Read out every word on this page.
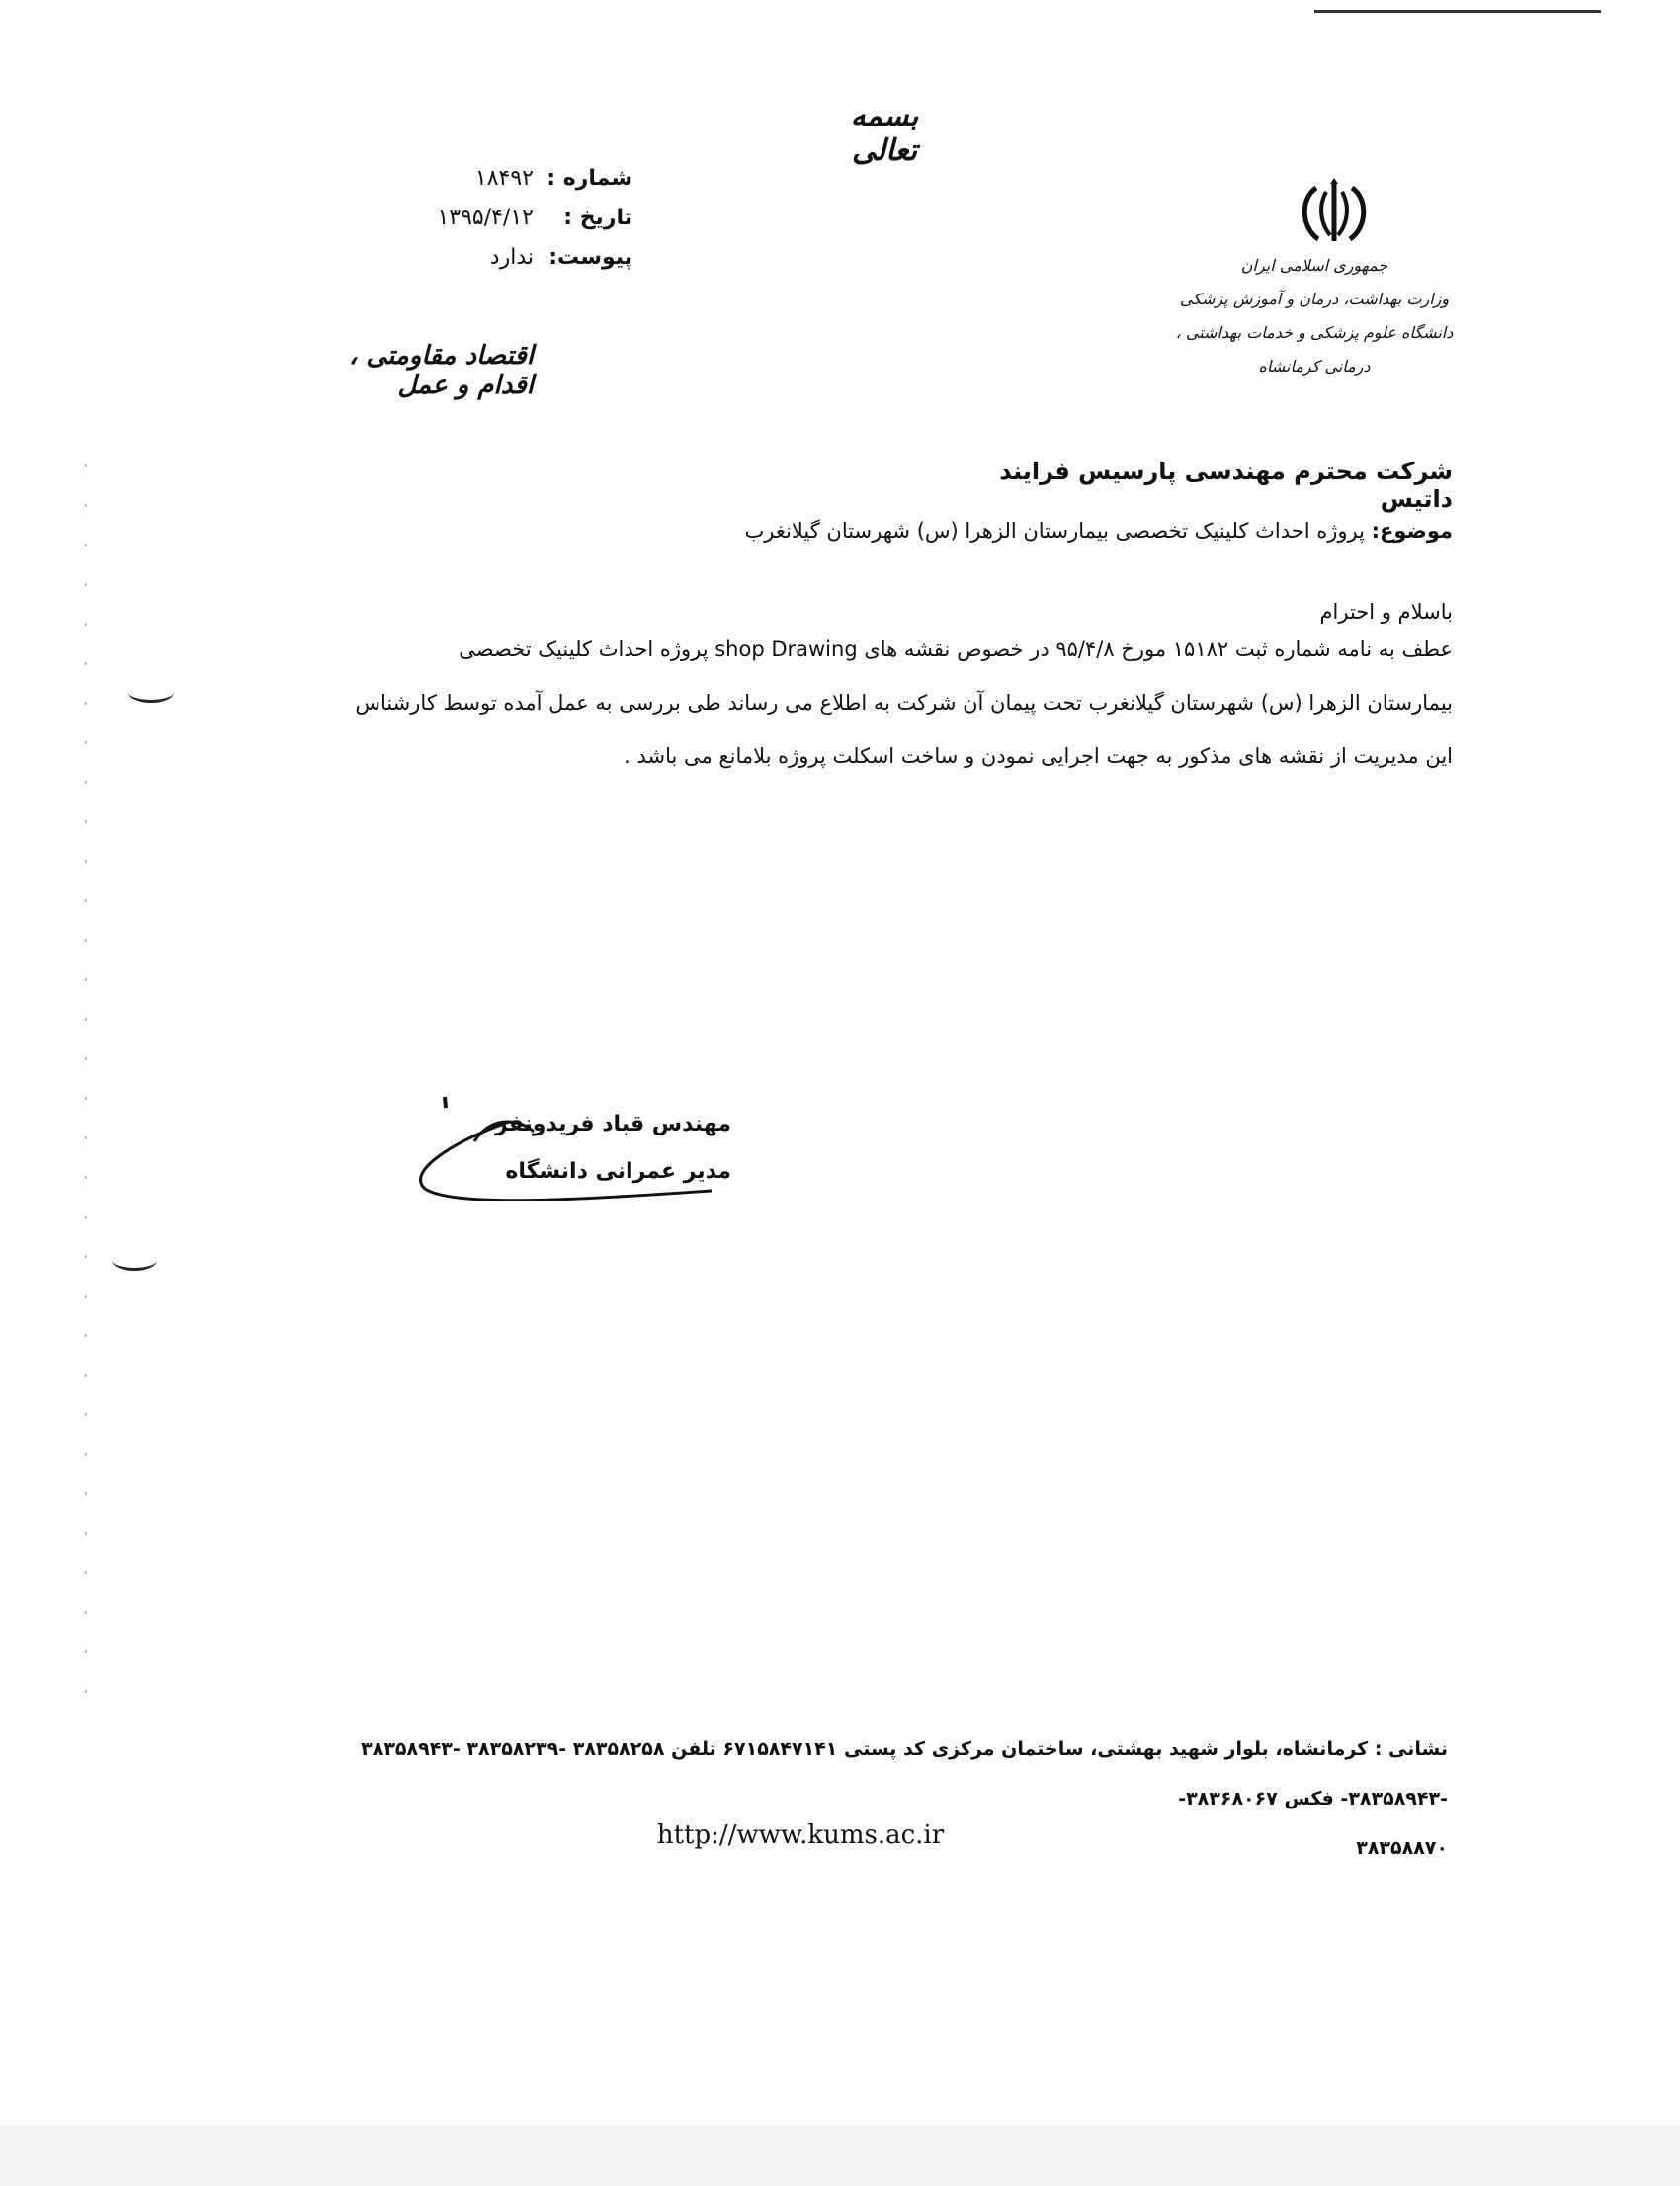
بسمه تعالی
شماره :
۱۸۴۹۲
تاریخ :
۱۳۹۵/۴/۱۲
پیوست:
ندارد	جمهوری اسلامی ایران
وزارت بهداشت، درمان و آموزش پزشکی
دانشگاه علوم پزشکی و خدمات بهداشتی ، درمانی کرمانشاه
اقتصاد مقاومتی ، اقدام و عمل
شرکت محترم مهندسی پارسیس فرایند داتیس
موضوع: پروژه احداث کلینیک تخصصی بیمارستان الزهرا (س) شهرستان گیلانغرب
باسلام و احترام

عطف به نامه شماره ثبت ۱۵۱۸۲ مورخ ۹۵/۴/۸ در خصوص نقشه های shop Drawing پروژه احداث کلینیک تخصصی

بیمارستان الزهرا (س) شهرستان گیلانغرب تحت پیمان آن شرکت به اطلاع می رساند طی بررسی به عمل آمده توسط کارشناس

این مدیریت از نقشه های مذکور به جهت اجرایی نمودن و ساخت اسکلت پروژه بلامانع می باشد .

مهندس قباد فریدونفر
مدیر عمرانی دانشگاه

نشانی : کرمانشاه، بلوار شهید بهشتی، ساختمان مرکزی کد پستی ۶۷۱۵۸۴۷۱۴۱ تلفن ۳۸۳۵۸۲۵۸ -۳۸۳۵۸۲۳۹ -۳۸۳۵۸۹۴۳ -۳۸۳۵۸۹۴۳- فکس ۳۸۳۶۸۰۶۷-

۳۸۳۵۸۸۷۰

http://www.kums.ac.ir
